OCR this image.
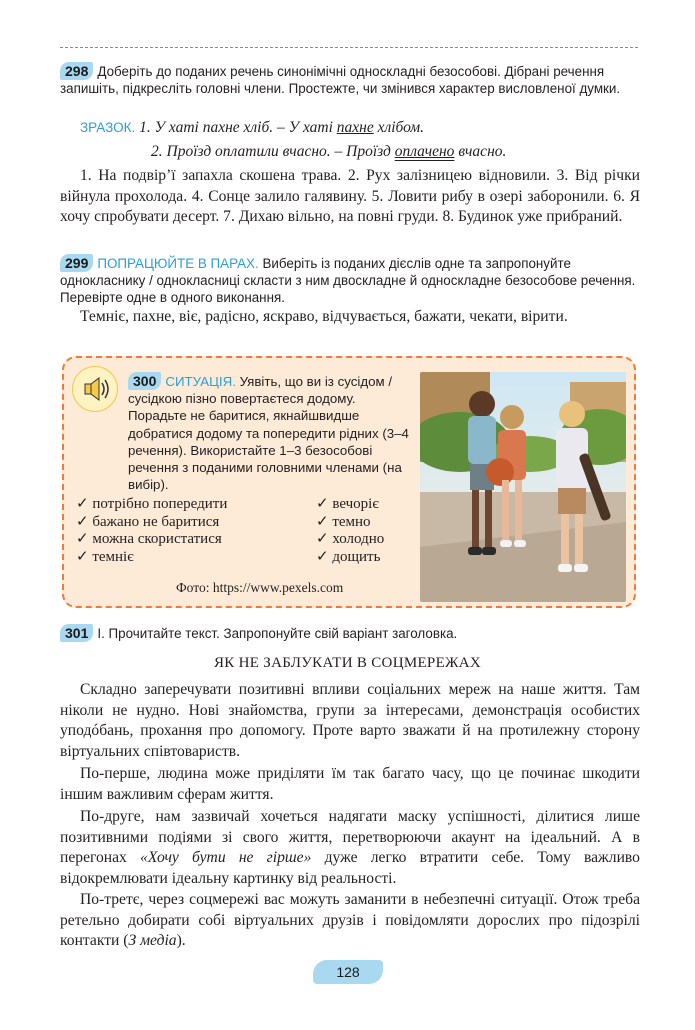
298 Доберіть до поданих речень синонімічні односкладні безособові. Дібрані речення запишіть, підкресліть головні члени. Простежте, чи змінився характер висловленої думки.
ЗРАЗОК. 1. У хаті пахне хліб. – У хаті пахне хлібом.
2. Проїзд оплатили вчасно. – Проїзд оплачено вчасно.
1. На подвір’ї запахла скошена трава. 2. Рух залізницею відновили. 3. Від річки війнула прохолода. 4. Сонце залило галявину. 5. Ловити рибу в озері заборонили. 6. Я хочу спробувати десерт. 7. Дихаю вільно, на повні груди. 8. Будинок уже прибраний.
299 ПОПРАЦЮЙТЕ В ПАРАХ. Виберіть із поданих дієслів одне та запропонуйте однокласнику / однокласниці скласти з ним двоскладне й односкладне безособове речення. Перевірте одне в одного виконання.
Темніє, пахне, віє, радісно, яскраво, відчувається, бажати, чекати, вірити.
300 СИТУАЦІЯ. Уявіть, що ви із сусідом / сусідкою пізно повертаєтеся додому. Порадьте не баритися, якнайшвидше добратися додому та попередити рідних (3–4 речення). Використайте 1–3 безособові речення з поданими головними членами (на вибір).
✓ потрібно попередити
✓ бажано не баритися
✓ можна скористатися
✓ темніє
✓ вечоріє
✓ темно
✓ холодно
✓ дощить
Фото: https://www.pexels.com
301 І. Прочитайте текст. Запропонуйте свій варіант заголовка.
ЯК НЕ ЗАБЛУКАТИ В СОЦМЕРЕЖАХ
Складно заперечувати позитивні впливи соціальних мереж на наше життя. Там ніколи не нудно. Нові знайомства, групи за інтересами, демонстрація особистих уподóбань, прохання про допомогу. Проте варто зважати й на протилежну сторону віртуальних співтовариств.
По-перше, людина може приділяти їм так багато часу, що це починає шкодити іншим важливим сферам життя.
По-друге, нам зазвичай хочеться надягати маску успішності, ділитися лише позитивними подіями зі свого життя, перетворюючи акаунт на ідеальний. А в перегонах «Хочу бути не гірше» дуже легко втратити себе. Тому важливо відокремлювати ідеальну картинку від реальності.
По-третє, через соцмережі вас можуть заманити в небезпечні ситуації. Отож треба ретельно добирати собі віртуальних друзів і повідомляти дорослих про підозрілі контакти (З медіа).
128
